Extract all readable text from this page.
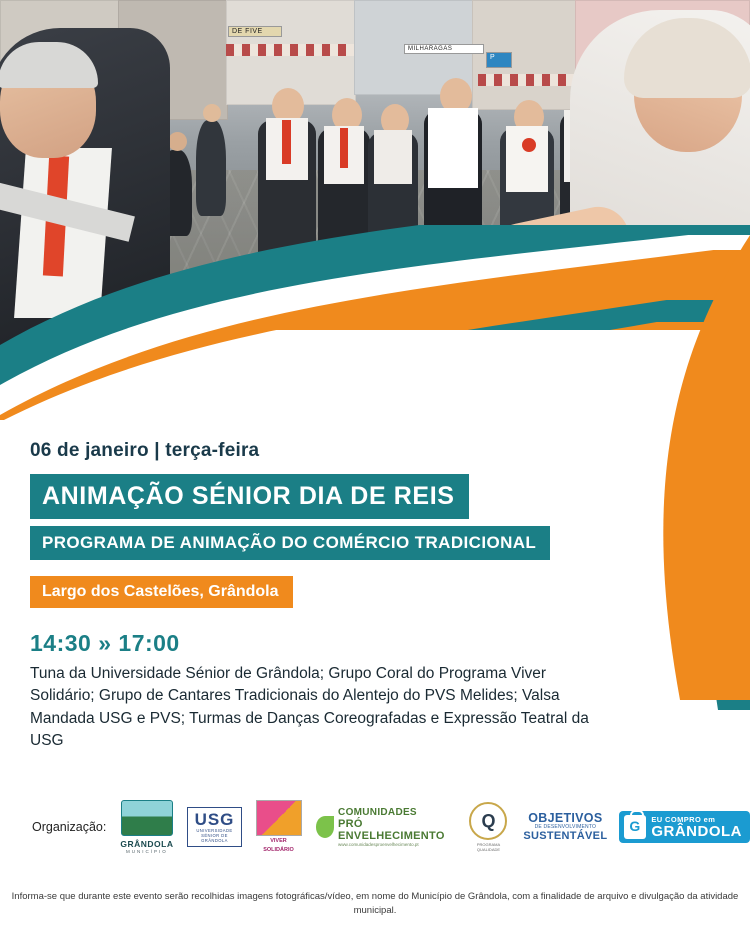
DE FIVE
MILHARAGAS
P
06 de janeiro | terça-feira
ANIMAÇÃO SÉNIOR DIA DE REIS
PROGRAMA DE ANIMAÇÃO DO COMÉRCIO TRADICIONAL
Largo dos Castelões, Grândola
14:30 » 17:00
Tuna da Universidade Sénior de Grândola; Grupo Coral do Programa Viver Solidário; Grupo de Cantares Tradicionais do Alentejo do PVS Melides; Valsa Mandada USG e PVS; Turmas de Danças Coreografadas e Expressão Teatral da USG
Organização:
GRÂNDOLA
MUNICÍPIO
USG
UNIVERSIDADE
SÉNIOR DE
GRÂNDOLA	VIVER
SOLIDÁRIO
COMUNIDADES
PRÓ ENVELHECIMENTO
www.comunidadesproenvelhecimento.pt
Q
PROGRAMA QUALIDADE
OBJETIVOS
DE DESENVOLVIMENTO
SUSTENTÁVEL
G EU COMPRO em
GRÂNDOLA
Informa-se que durante este evento serão recolhidas imagens fotográficas/vídeo, em nome do Município de Grândola, com a finalidade de arquivo e divulgação da atividade municipal.
